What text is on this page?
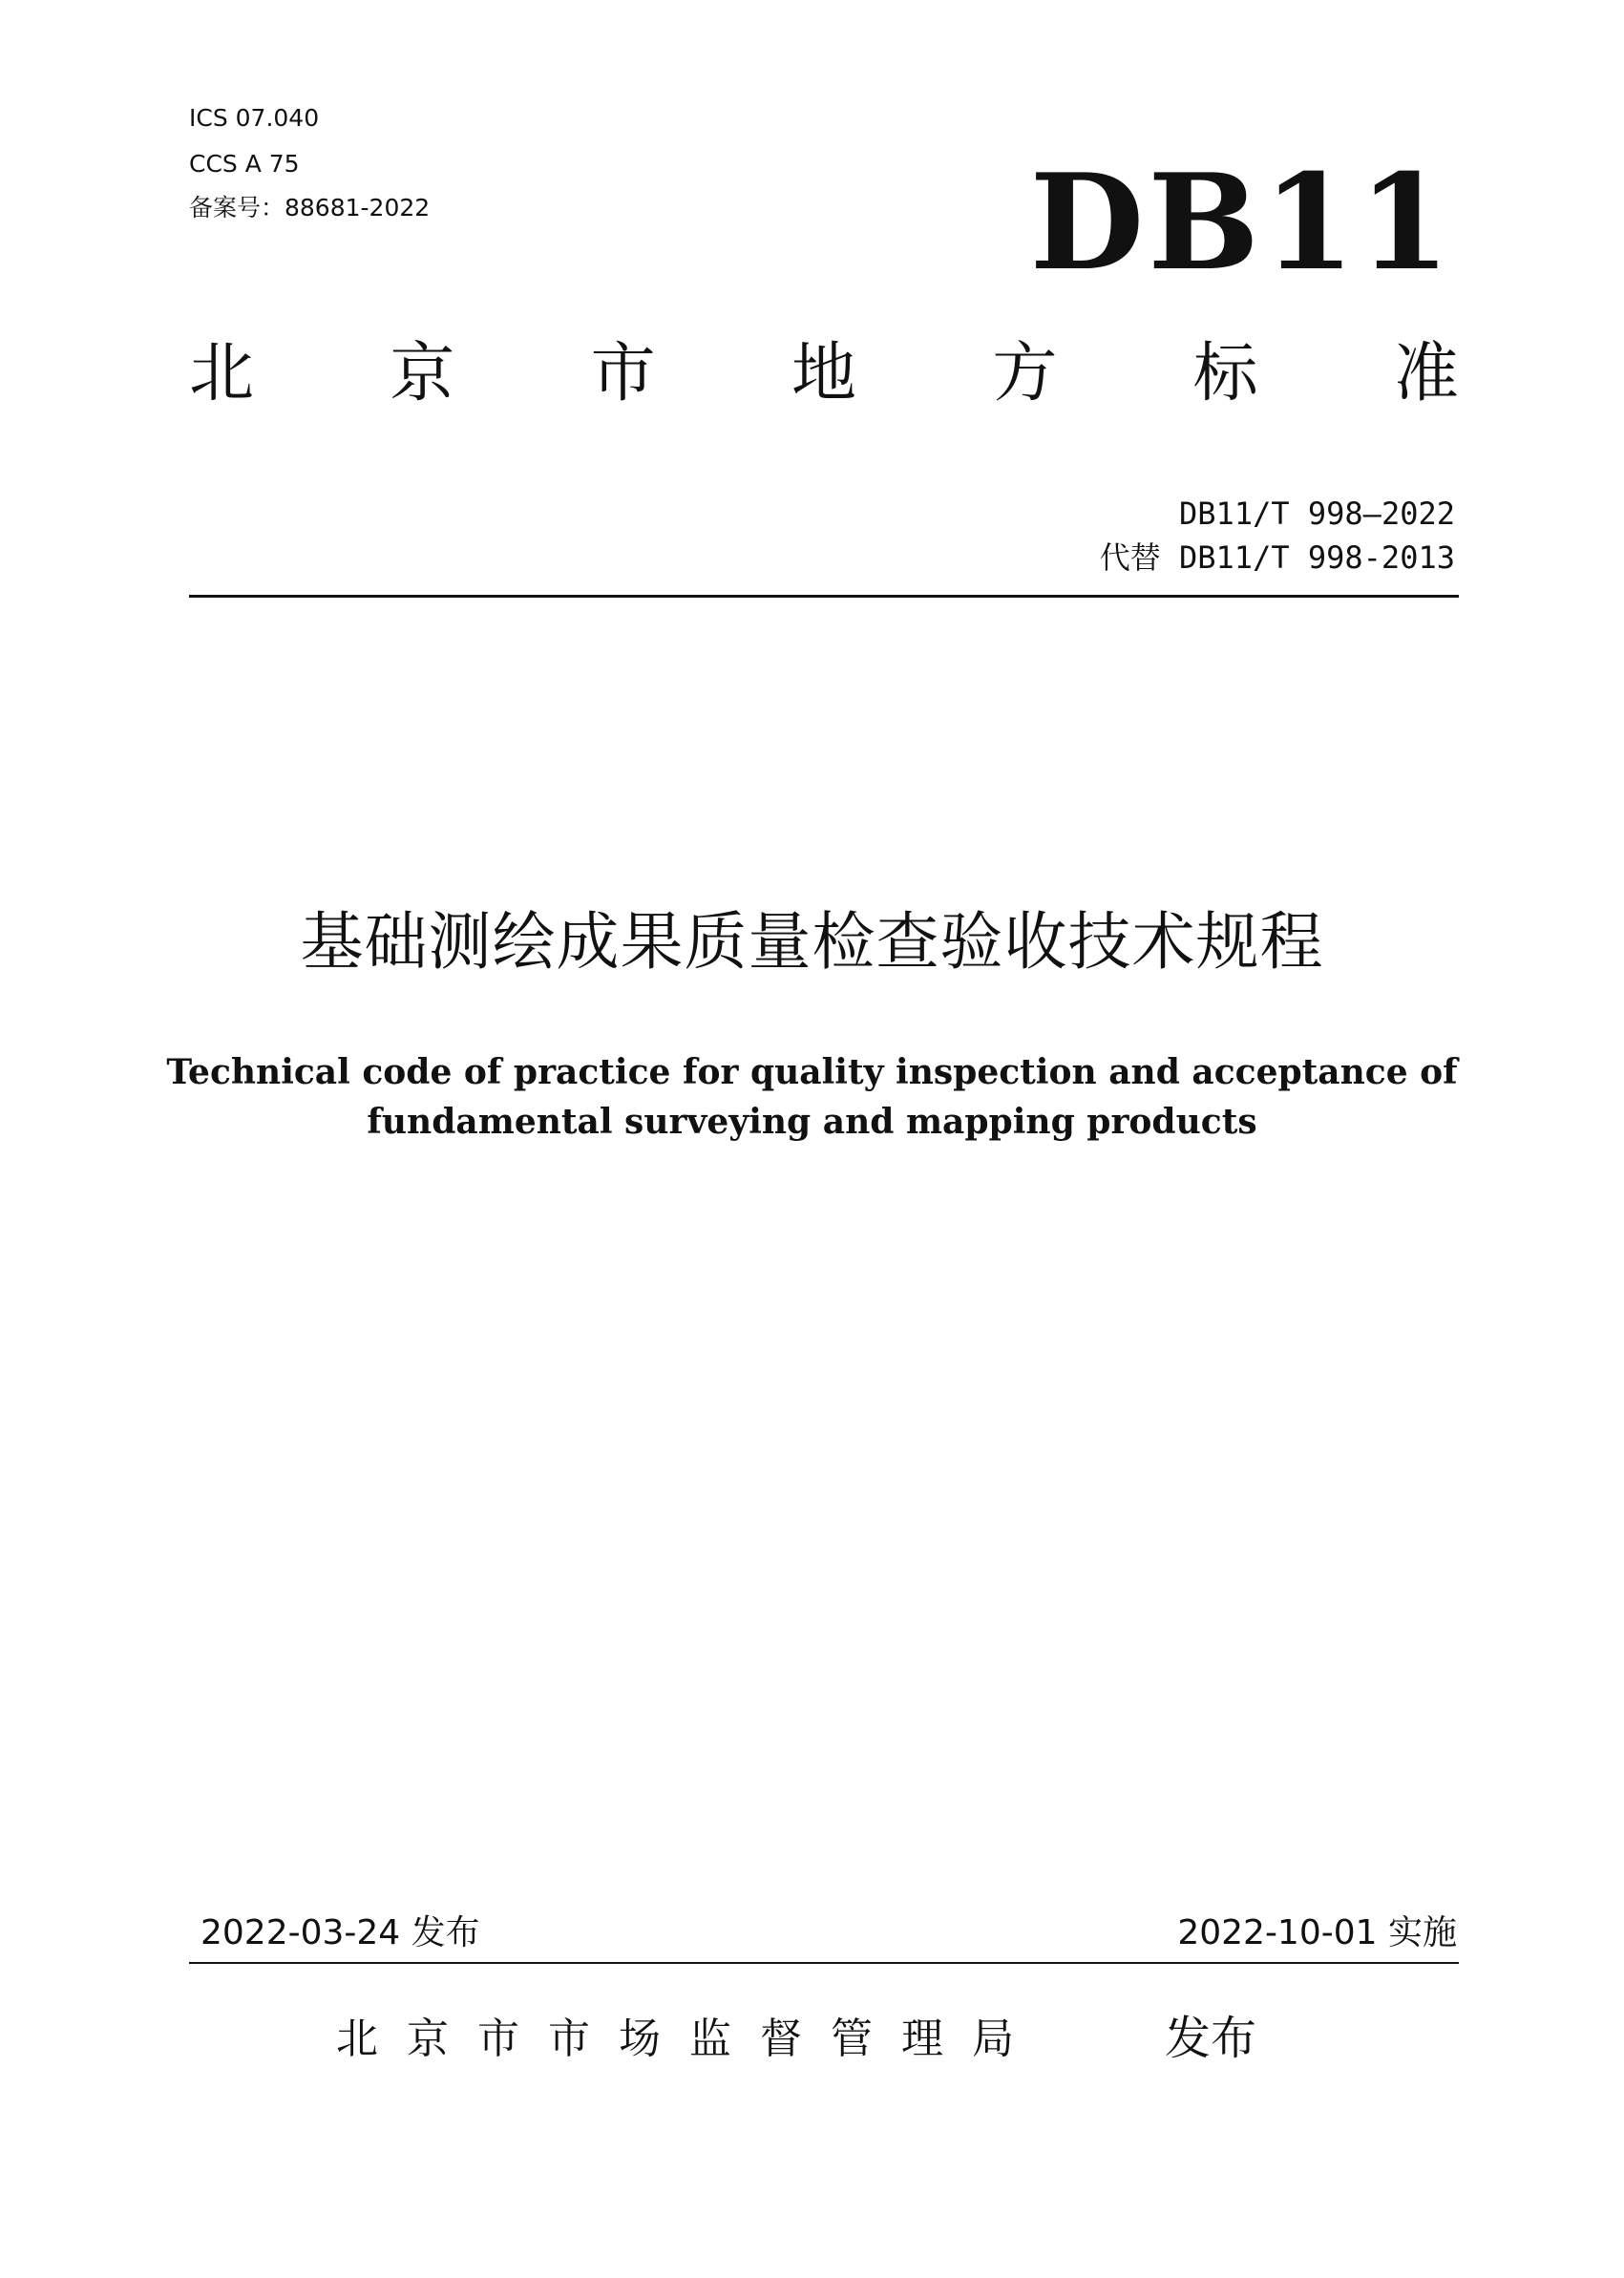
ICS 07.040
CCS A 75
备案号：88681-2022	DB11
北 京 市 地 方 标 准
DB11/T 998—2022
代替 DB11/T 998-2013
基础测绘成果质量检查验收技术规程
Technical code of practice for quality inspection and acceptance of
fundamental surveying and mapping products
2022-03-24 发布	2022-10-01 实施
北京市市场监督管理局	发布
